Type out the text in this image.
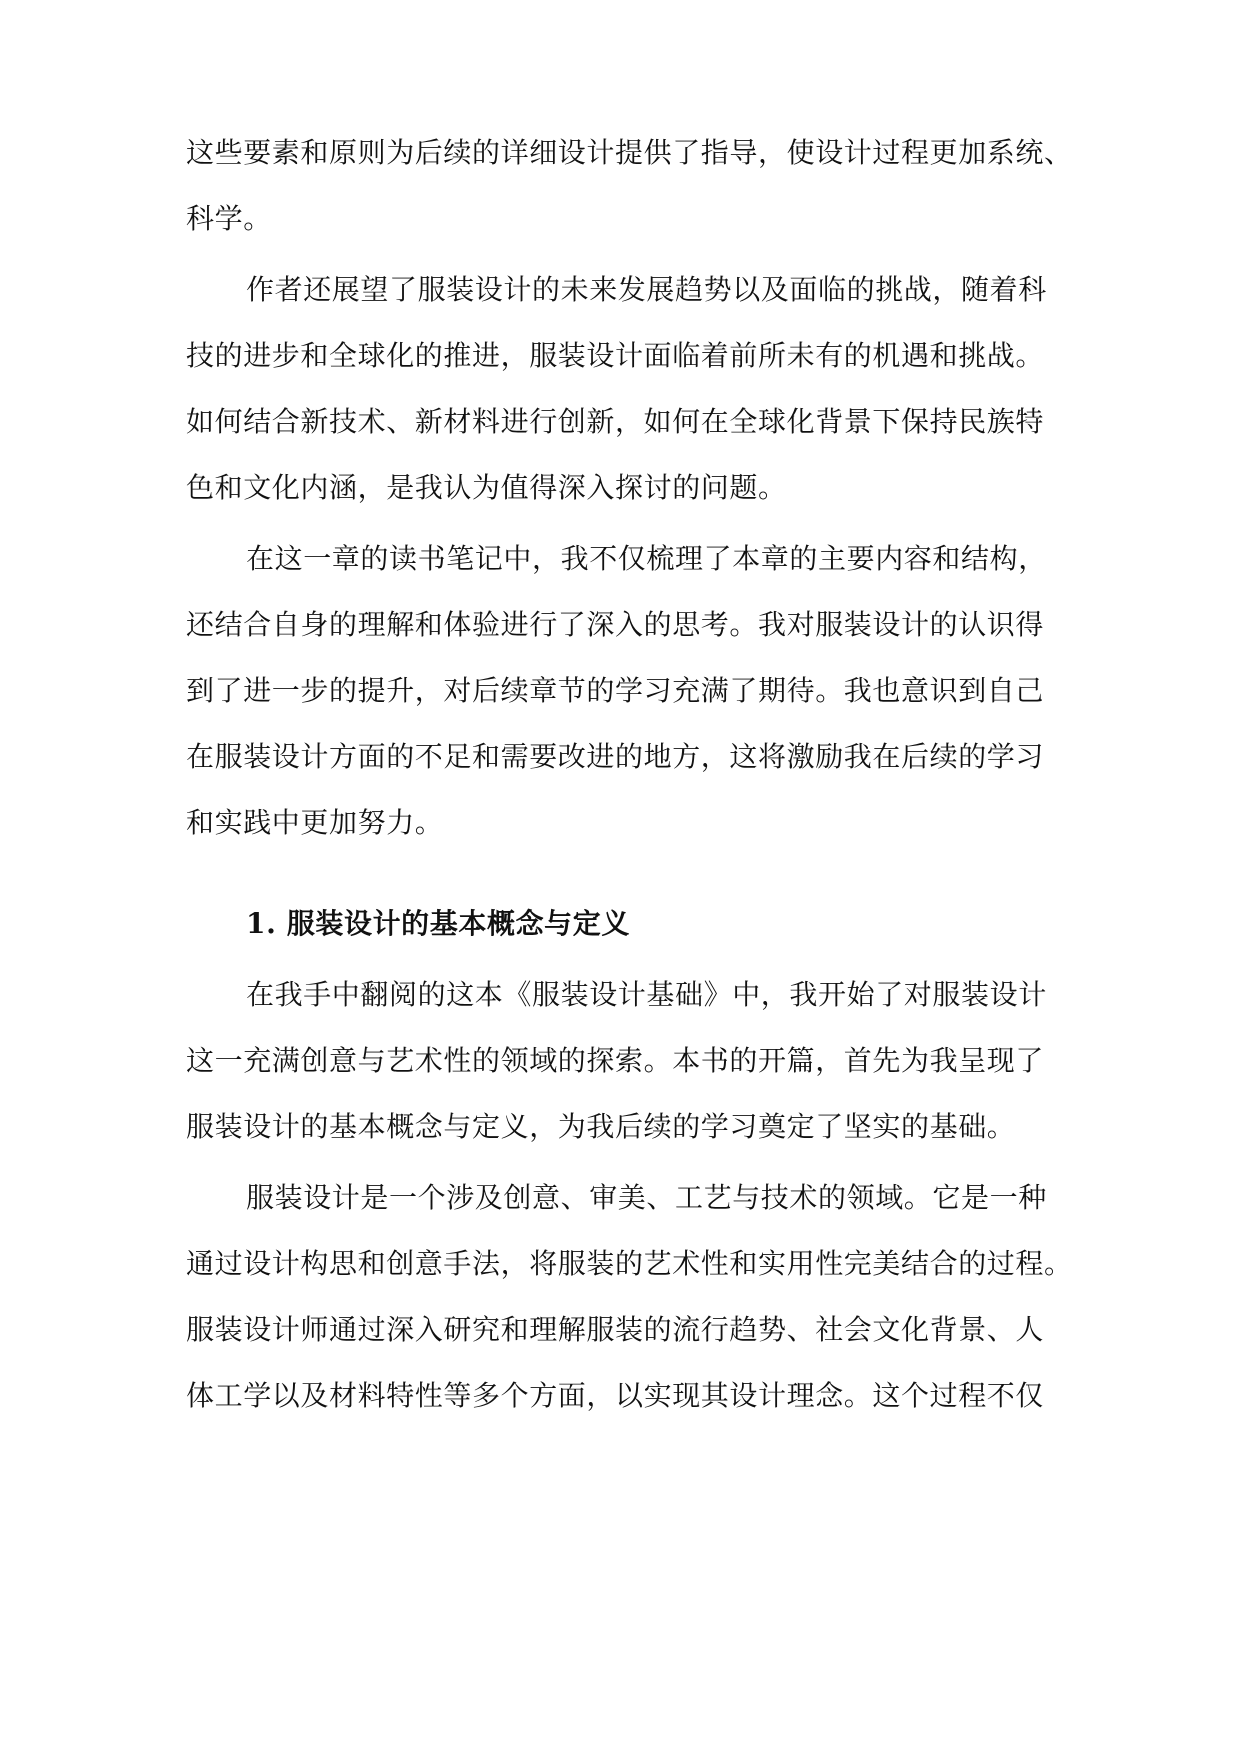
这些要素和原则为后续的详细设计提供了指导，使设计过程更加系统、
科学。
作者还展望了服装设计的未来发展趋势以及面临的挑战，随着科
技的进步和全球化的推进，服装设计面临着前所未有的机遇和挑战。
如何结合新技术、新材料进行创新，如何在全球化背景下保持民族特
色和文化内涵，是我认为值得深入探讨的问题。
在这一章的读书笔记中，我不仅梳理了本章的主要内容和结构，
还结合自身的理解和体验进行了深入的思考。我对服装设计的认识得
到了进一步的提升，对后续章节的学习充满了期待。我也意识到自己
在服装设计方面的不足和需要改进的地方，这将激励我在后续的学习
和实践中更加努力。
1. 服装设计的基本概念与定义
在我手中翻阅的这本《服装设计基础》中，我开始了对服装设计
这一充满创意与艺术性的领域的探索。本书的开篇，首先为我呈现了
服装设计的基本概念与定义，为我后续的学习奠定了坚实的基础。
服装设计是一个涉及创意、审美、工艺与技术的领域。它是一种
通过设计构思和创意手法，将服装的艺术性和实用性完美结合的过程。
服装设计师通过深入研究和理解服装的流行趋势、社会文化背景、人
体工学以及材料特性等多个方面，以实现其设计理念。这个过程不仅
